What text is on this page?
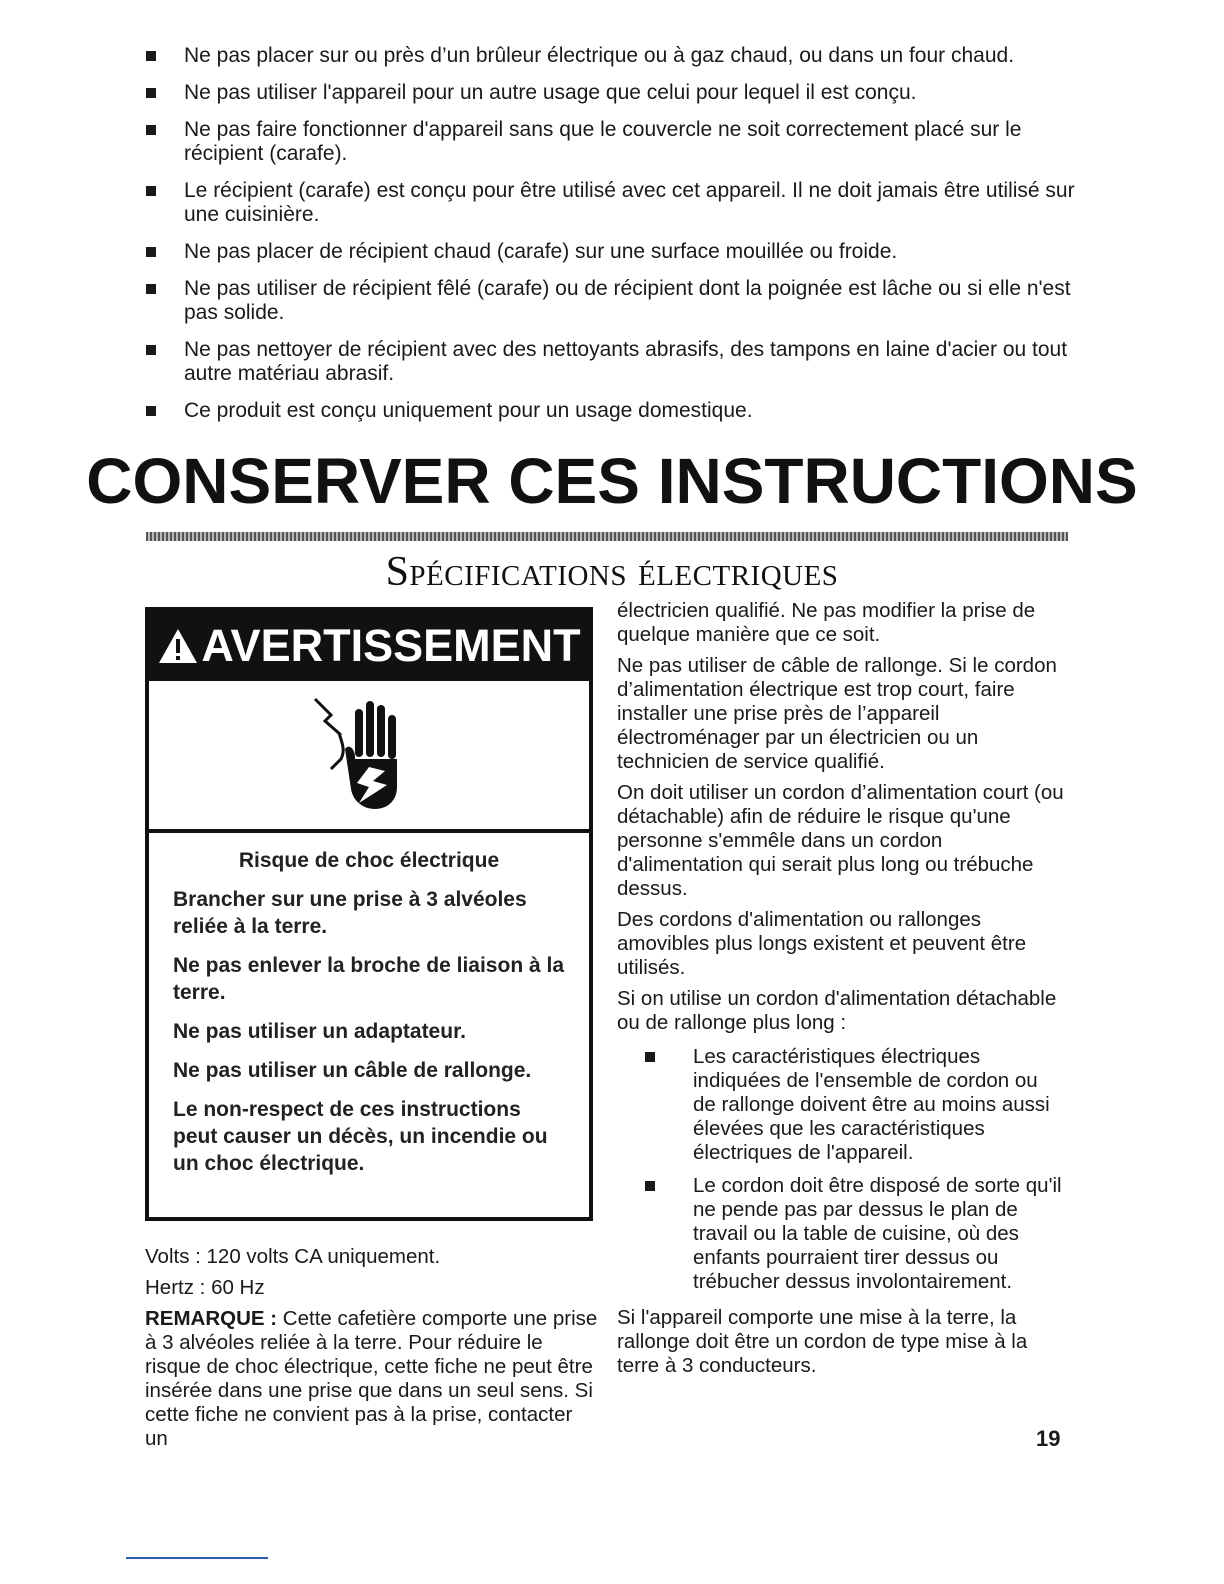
Ne pas placer sur ou près d’un brûleur électrique ou à gaz chaud, ou dans un four chaud.
Ne pas utiliser l'appareil pour un autre usage que celui pour lequel il est conçu.
Ne pas faire fonctionner d'appareil sans que le couvercle ne soit correctement placé sur le récipient (carafe).
Le récipient (carafe) est conçu pour être utilisé avec cet appareil. Il ne doit jamais être utilisé sur une cuisinière.
Ne pas placer de récipient chaud (carafe) sur une surface mouillée ou froide.
Ne pas utiliser de récipient fêlé (carafe) ou de récipient dont la poignée est lâche ou si elle n'est pas solide.
Ne pas nettoyer de récipient avec des nettoyants abrasifs, des tampons en laine d'acier ou tout autre matériau abrasif.
Ce produit est conçu uniquement pour un usage domestique.
CONSERVER CES INSTRUCTIONS
Spécifications électriques
AVERTISSEMENT

Risque de choc électrique

Brancher sur une prise à 3 alvéoles reliée à la terre.

Ne pas enlever la broche de liaison à la terre.

Ne pas utiliser un adaptateur.

Ne pas utiliser un câble de rallonge.

Le non-respect de ces instructions peut causer un décès, un incendie ou un choc électrique.

Volts : 120 volts CA uniquement.

Hertz : 60 Hz

REMARQUE : Cette cafetière comporte une prise à 3 alvéoles reliée à la terre. Pour réduire le risque de choc électrique, cette fiche ne peut être insérée dans une prise que dans un seul sens. Si cette fiche ne convient pas à la prise, contacter un

électricien qualifié. Ne pas modifier la prise de quelque manière que ce soit.

Ne pas utiliser de câble de rallonge. Si le cordon d’alimentation électrique est trop court, faire installer une prise près de l’appareil électroménager par un électricien ou un technicien de service qualifié.

On doit utiliser un cordon d’alimentation court (ou détachable) afin de réduire le risque qu'une personne s'emmêle dans un cordon d'alimentation qui serait plus long ou trébuche dessus.

Des cordons d'alimentation ou rallonges amovibles plus longs existent et peuvent être utilisés.

Si on utilise un cordon d'alimentation détachable ou de rallonge plus long :

Les caractéristiques électriques indiquées de l'ensemble de cordon ou de rallonge doivent être au moins aussi élevées que les caractéristiques électriques de l'appareil.
Le cordon doit être disposé de sorte qu'il ne pende pas par dessus le plan de travail ou la table de cuisine, où des enfants pourraient tirer dessus ou trébucher dessus involontairement.

Si l'appareil comporte une mise à la terre, la rallonge doit être un cordon de type mise à la terre à 3 conducteurs.

19
